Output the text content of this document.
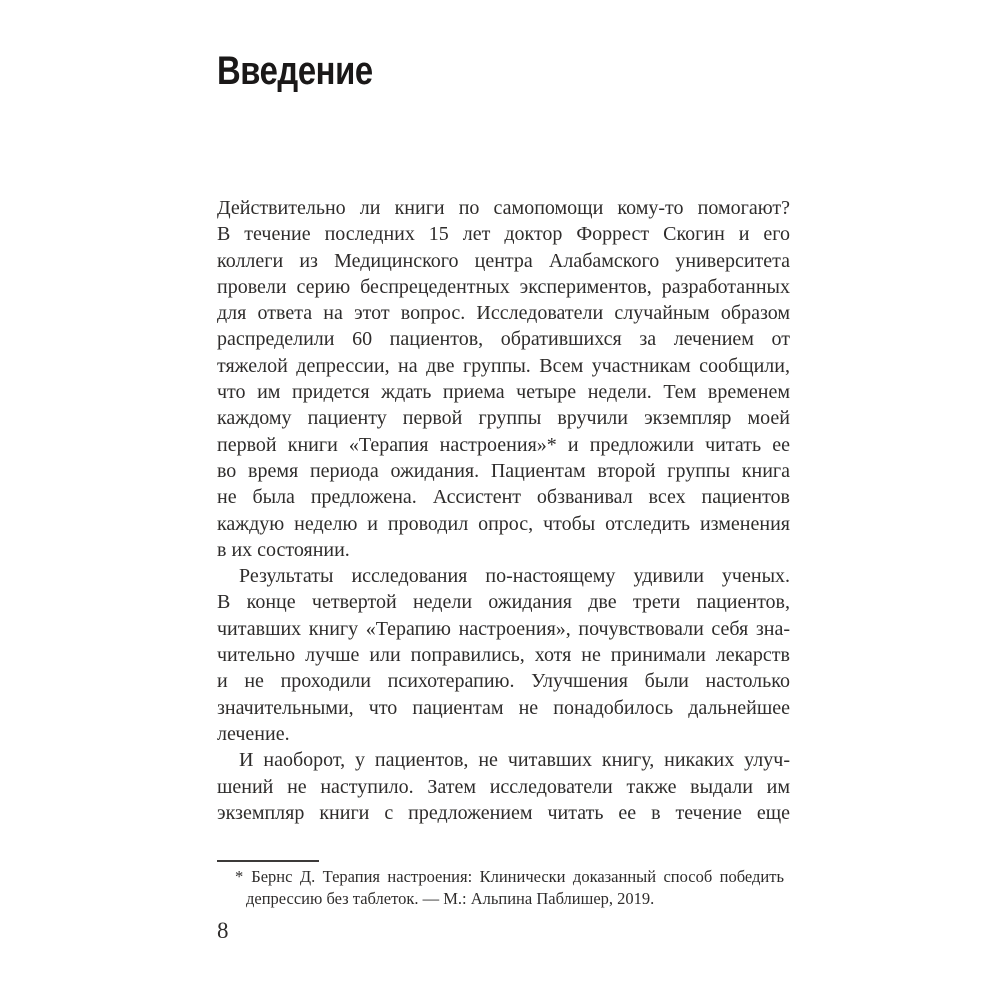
Введение
Действительно ли книги по самопомощи кому-то помогают?
В течение последних 15 лет доктор Форрест Скогин и его
коллеги из Медицинского центра Алабамского университета
провели серию беспрецедентных экспериментов, разработанных
для ответа на этот вопрос. Исследователи случайным образом
распределили 60 пациентов, обратившихся за лечением от
тяжелой депрессии, на две группы. Всем участникам сообщили,
что им придется ждать приема четыре недели. Тем временем
каждому пациенту первой группы вручили экземпляр моей
первой книги «Терапия настроения»* и предложили читать ее
во время периода ожидания. Пациентам второй группы книга
не была предложена. Ассистент обзванивал всех пациентов
каждую неделю и проводил опрос, чтобы отследить изменения
в их состоянии.
Результаты исследования по-настоящему удивили ученых.
В конце четвертой недели ожидания две трети пациентов,
читавших книгу «Терапию настроения», почувствовали себя зна-
чительно лучше или поправились, хотя не принимали лекарств
и не проходили психотерапию. Улучшения были настолько
значительными, что пациентам не понадобилось дальнейшее
лечение.
И наоборот, у пациентов, не читавших книгу, никаких улуч-
шений не наступило. Затем исследователи также выдали им
экземпляр книги с предложением читать ее в течение еще
* Бернс Д. Терапия настроения: Клинически доказанный способ победить
депрессию без таблеток. — М.: Альпина Паблишер, 2019.
8
